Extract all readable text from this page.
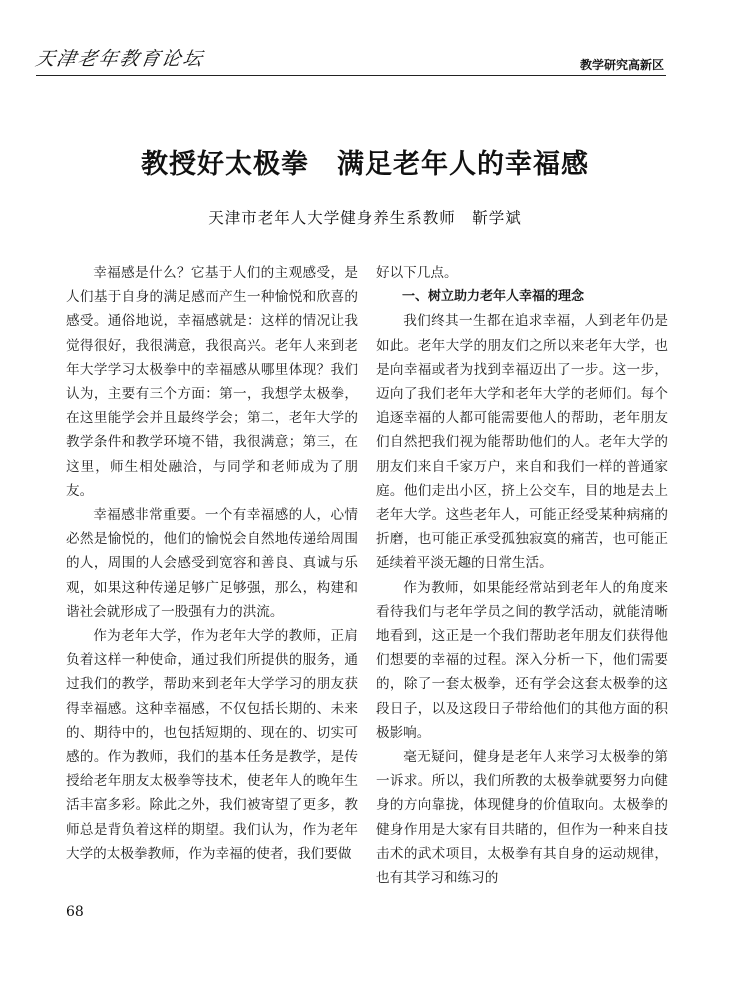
天津老年教育论坛	教学研究高新区
教授好太极拳　满足老年人的幸福感
天津市老年人大学健身养生系教师　靳学斌

幸福感是什么？它基于人们的主观感受，是人们基于自身的满足感而产生一种愉悦和欣喜的感受。通俗地说，幸福感就是：这样的情况让我觉得很好，我很满意，我很高兴。老年人来到老年大学学习太极拳中的幸福感从哪里体现？我们认为，主要有三个方面：第一，我想学太极拳，在这里能学会并且最终学会；第二，老年大学的教学条件和教学环境不错，我很满意；第三，在这里，师生相处融洽，与同学和老师成为了朋友。

幸福感非常重要。一个有幸福感的人，心情必然是愉悦的，他们的愉悦会自然地传递给周围的人，周围的人会感受到宽容和善良、真诚与乐观，如果这种传递足够广足够强，那么，构建和谐社会就形成了一股强有力的洪流。

作为老年大学，作为老年大学的教师，正肩负着这样一种使命，通过我们所提供的服务，通过我们的教学，帮助来到老年大学学习的朋友获得幸福感。这种幸福感，不仅包括长期的、未来的、期待中的，也包括短期的、现在的、切实可感的。作为教师，我们的基本任务是教学，是传授给老年朋友太极拳等技术，使老年人的晚年生活丰富多彩。除此之外，我们被寄望了更多，教师总是背负着这样的期望。我们认为，作为老年大学的太极拳教师，作为幸福的使者，我们要做

好以下几点。

一、树立助力老年人幸福的理念

我们终其一生都在追求幸福，人到老年仍是如此。老年大学的朋友们之所以来老年大学，也是向幸福或者为找到幸福迈出了一步。这一步，迈向了我们老年大学和老年大学的老师们。每个追逐幸福的人都可能需要他人的帮助，老年朋友们自然把我们视为能帮助他们的人。老年大学的朋友们来自千家万户，来自和我们一样的普通家庭。他们走出小区，挤上公交车，目的地是去上老年大学。这些老年人，可能正经受某种病痛的折磨，也可能正承受孤独寂寞的痛苦，也可能正延续着平淡无趣的日常生活。

作为教师，如果能经常站到老年人的角度来看待我们与老年学员之间的教学活动，就能清晰地看到，这正是一个我们帮助老年朋友们获得他们想要的幸福的过程。深入分析一下，他们需要的，除了一套太极拳，还有学会这套太极拳的这段日子，以及这段日子带给他们的其他方面的积极影响。

毫无疑问，健身是老年人来学习太极拳的第一诉求。所以，我们所教的太极拳就要努力向健身的方向靠拢，体现健身的价值取向。太极拳的健身作用是大家有目共睹的，但作为一种来自技击术的武术项目，太极拳有其自身的运动规律，也有其学习和练习的

68
